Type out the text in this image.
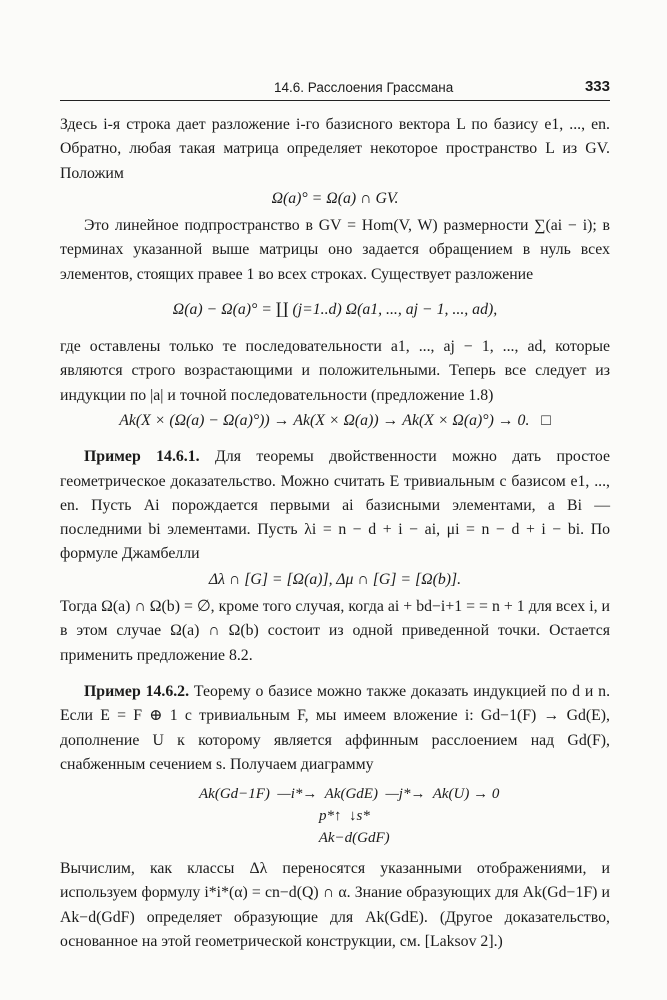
14.6. Расслоения Грассмана	333

Здесь i-я строка дает разложение i-го базисного вектора L по базису e1, ..., en. Обратно, любая такая матрица определяет некоторое пространство L из GV. Положим

Ω(a)° = Ω(a) ∩ GV.

Это линейное подпространство в GV = Hom(V, W) размерности ∑(ai − i); в терминах указанной выше матрицы оно задается обращением в нуль всех элементов, стоящих правее 1 во всех строках. Существует разложение

Ω(a) − Ω(a)° = ∐ (j=1..d) Ω(a1, ..., aj − 1, ..., ad),

где оставлены только те последовательности a1, ..., aj − 1, ..., ad, которые являются строго возрастающими и положительными. Теперь все следует из индукции по |a| и точной последовательности (предложение 1.8)

Ak(X × (Ω(a) − Ω(a)°)) → Ak(X × Ω(a)) → Ak(X × Ω(a)°) → 0. □

Пример 14.6.1. Для теоремы двойственности можно дать простое геометрическое доказательство. Можно считать E тривиальным с базисом e1, ..., en. Пусть Ai порождается первыми ai базисными элементами, а Bi — последними bi элементами. Пусть λi = n − d + i − ai, μi = n − d + i − bi. По формуле Джамбелли

Δλ ∩ [G] = [Ω(a)], Δμ ∩ [G] = [Ω(b)].

Тогда Ω(a) ∩ Ω(b) = ∅, кроме того случая, когда ai + bd−i+1 = = n + 1 для всех i, и в этом случае Ω(a) ∩ Ω(b) состоит из одной приведенной точки. Остается применить предложение 8.2.

Пример 14.6.2. Теорему о базисе можно также доказать индукцией по d и n. Если E = F ⊕ 1 с тривиальным F, мы имеем вложение i: Gd−1(F) → Gd(E), дополнение U к которому является аффинным расслоением над Gd(F), снабженным сечением s. Получаем диаграмму

Ak(Gd−1F)  —i*→  Ak(GdE)  —j*→  Ak(U) → 0
p*↑  ↓s*
Ak−d(GdF)

Вычислим, как классы Δλ переносятся указанными отображениями, и используем формулу i*i*(α) = cn−d(Q) ∩ α. Знание образующих для Ak(Gd−1F) и Ak−d(GdF) определяет образующие для Ak(GdE). (Другое доказательство, основанное на этой геометрической конструкции, см. [Laksov 2].)
